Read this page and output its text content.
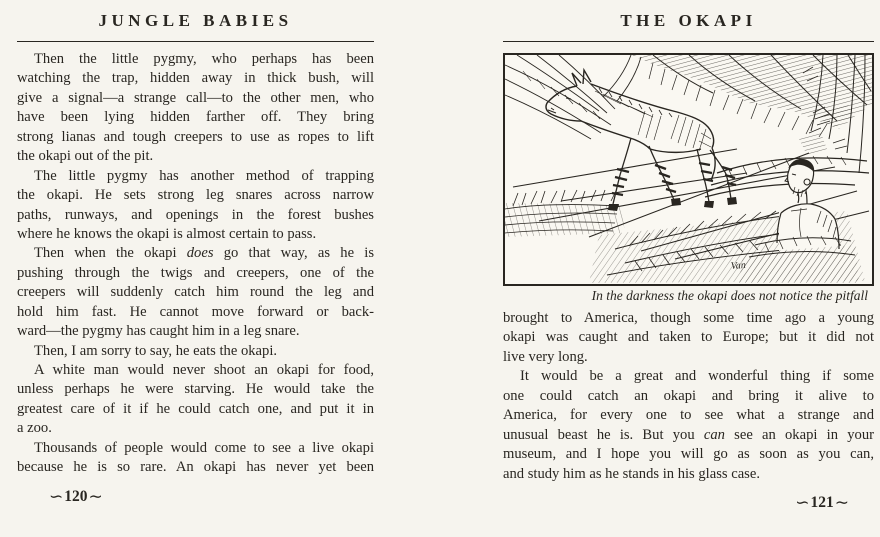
JUNGLE BABIES
Then the little pygmy, who perhaps has been
watching the trap, hidden away in thick bush, will
give a signal—a strange call—to the other men, who
have been lying hidden farther off. They bring
strong lianas and tough creepers to use as ropes to lift
the okapi out of the pit.
The little pygmy has another method of trapping
the okapi. He sets strong leg snares across narrow
paths, runways, and openings in the forest bushes
where he knows the okapi is almost certain to pass.
Then when the okapi does go that way, as he is
pushing through the twigs and creepers, one of the
creepers will suddenly catch him round the leg and
hold him fast. He cannot move forward or back-
ward—the pygmy has caught him in a leg snare.
Then, I am sorry to say, he eats the okapi.
A white man would never shoot an okapi for food,
unless perhaps he were starving. He would take the
greatest care of it if he could catch one, and put it in
a zoo.
Thousands of people would come to see a live okapi
because he is so rare. An okapi has never yet been
∽120∼
THE OKAPI
Van
In the darkness the okapi does not notice the pitfall
brought to America, though some time ago a young
okapi was caught and taken to Europe; but it did not
live very long.
It would be a great and wonderful thing if some
one could catch an okapi and bring it alive to
America, for every one to see what a strange and
unusual beast he is. But you can see an okapi in your
museum, and I hope you will go as soon as you can,
and study him as he stands in his glass case.
∽121∼
